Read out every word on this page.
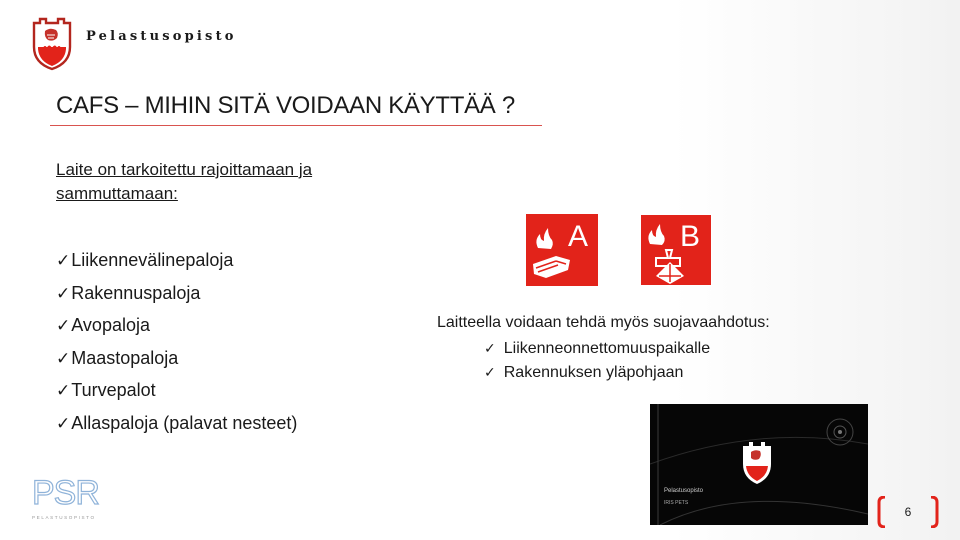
Pelastusopisto
CAFS – MIHIN SITÄ VOIDAAN KÄYTTÄÄ ?
Laite on tarkoitettu rajoittamaan ja sammuttamaan:
✓Liikennevälinepaloja
✓Rakennuspaloja
✓Avopaloja
✓Maastopaloja
✓Turvepalot
✓Allaspaloja (palavat nesteet)
A	B
Laitteella voidaan tehdä myös suojavaahdotus:
✓ Liikenneonnettomuuspaikalle
✓ Rakennuksen yläpohjaan
Pelastusopisto
IRIS PETS
PSR
PELASTUSOPISTO	6
